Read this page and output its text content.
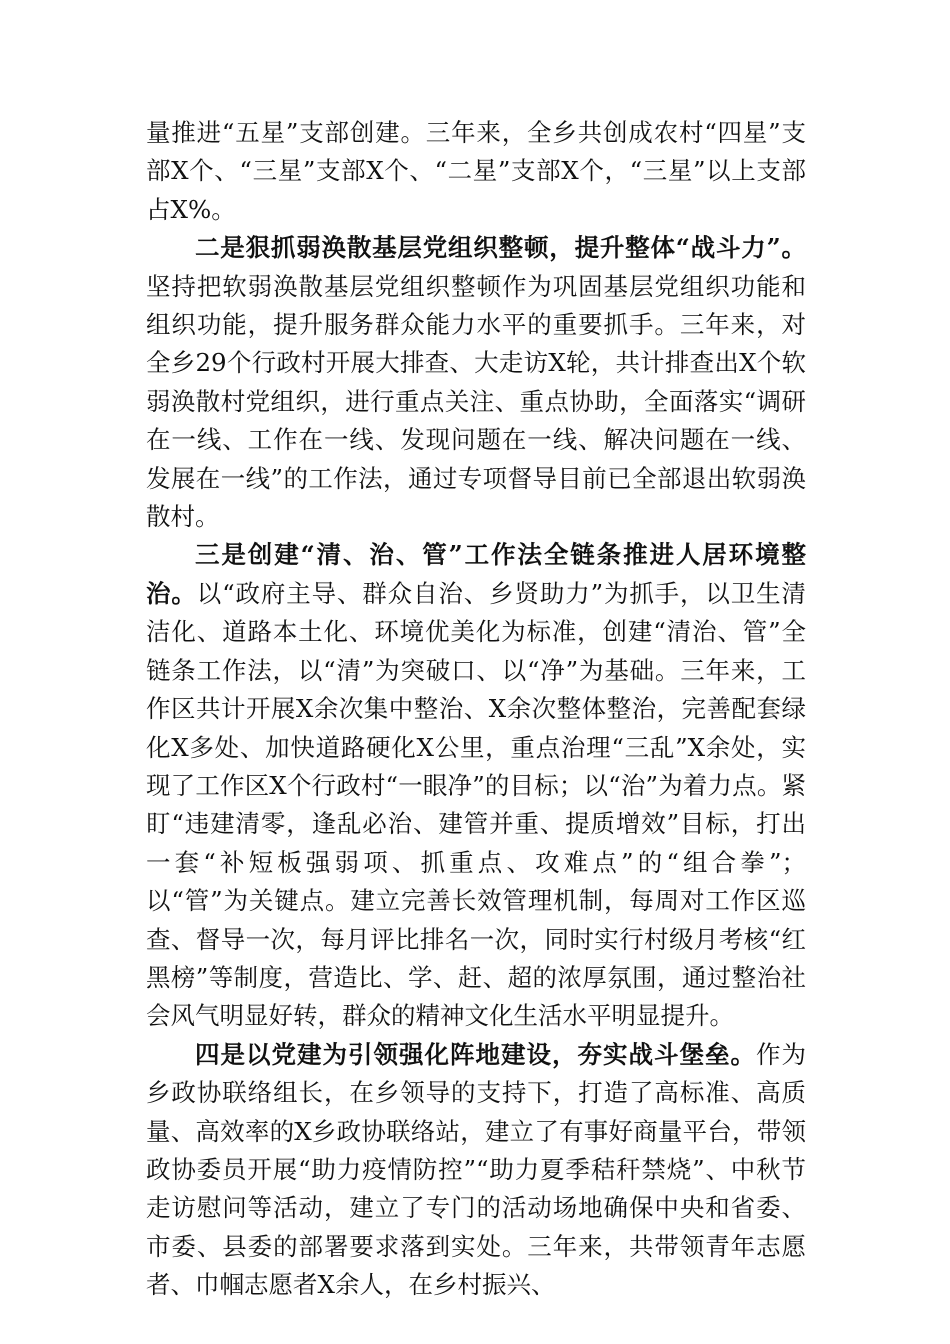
量推进“五星”支部创建。三年来，全乡共创成农村“四星”支部X个、“三星”支部X个、“二星”支部X个，“三星”以上支部占X%。

二是狠抓弱涣散基层党组织整顿，提升整体“战斗力”。坚持把软弱涣散基层党组织整顿作为巩固基层党组织功能和组织功能，提升服务群众能力水平的重要抓手。三年来，对全乡29个行政村开展大排查、大走访X轮，共计排查出X个软弱涣散村党组织，进行重点关注、重点协助，全面落实“调研在一线、工作在一线、发现问题在一线、解决问题在一线、发展在一线”的工作法，通过专项督导目前已全部退出软弱涣散村。

三是创建“清、治、管”工作法全链条推进人居环境整治。以“政府主导、群众自治、乡贤助力”为抓手，以卫生清洁化、道路本土化、环境优美化为标准，创建“清治、管”全链条工作法，以“清”为突破口、以“净”为基础。三年来，工作区共计开展X余次集中整治、X余次整体整治，完善配套绿化X多处、加快道路硬化X公里，重点治理“三乱”X余处，实现了工作区X个行政村“一眼净”的目标；以“治”为着力点。紧盯“违建清零，逢乱必治、建管并重、提质增效”目标，打出一套“补短板强弱项、抓重点、攻难点”的“组合拳”；以“管”为关键点。建立完善长效管理机制，每周对工作区巡查、督导一次，每月评比排名一次，同时实行村级月考核“红黑榜”等制度，营造比、学、赶、超的浓厚氛围，通过整治社会风气明显好转，群众的精神文化生活水平明显提升。

四是以党建为引领强化阵地建设，夯实战斗堡垒。作为乡政协联络组长，在乡领导的支持下，打造了高标准、高质量、高效率的X乡政协联络站，建立了有事好商量平台，带领政协委员开展“助力疫情防控”“助力夏季秸秆禁烧”、中秋节走访慰问等活动，建立了专门的活动场地确保中央和省委、市委、县委的部署要求落到实处。三年来，共带领青年志愿者、巾帼志愿者X余人，在乡村振兴、
